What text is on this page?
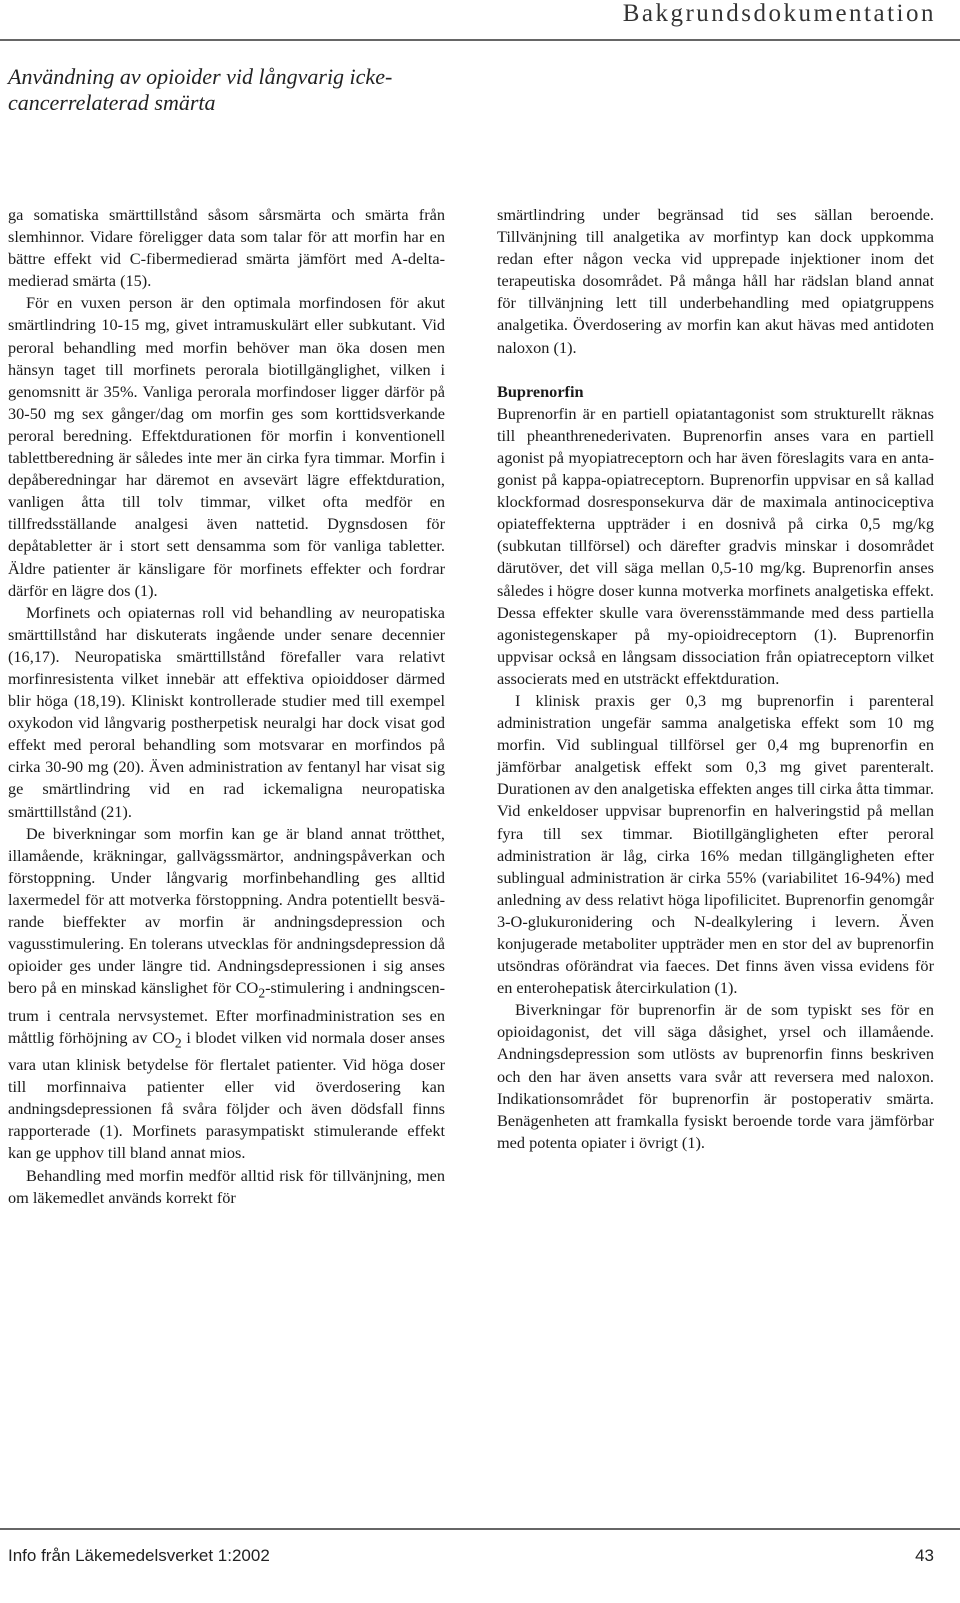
Bakgrundsdokumentation
Användning av opioider vid långvarig icke-cancerrelaterad smärta

ga somatiska smärttillstånd såsom sårsmärta och smärta från slemhinnor. Vidare föreligger data som talar för att morfin har en bättre effekt vid C-fibermedierad smärta jämfört med A-delta-medierad smärta (15).

För en vuxen person är den optimala morfindosen för akut smärtlindring 10-15 mg, givet intramuskulärt eller subkutant. Vid peroral behandling med morfin behöver man öka dosen men hänsyn taget till morfinets perorala biotillgänglighet, vilken i genomsnitt är 35%. Vanliga perorala morfindoser ligger därför på 30-50 mg sex gånger/dag om morfin ges som korttidsverkande peroral beredning. Effektdurationen för morfin i konventionell tablettberedning är således inte mer än cirka fyra timmar. Morfin i depåberedningar har däremot en avsevärt lägre effektduration, vanligen åtta till tolv timmar, vilket ofta medför en tillfredsställande analgesi även nattetid. Dygnsdosen för depåtabletter är i stort sett densamma som för vanliga tabletter. Äldre patienter är känsligare för morfinets effekter och fordrar därför en lägre dos (1).

Morfinets och opiaternas roll vid behandling av neuropatiska smärttillstånd har diskuterats ingående under senare decennier (16,17). Neuropatiska smärttillstånd förefaller vara relativt morfinresistenta vilket innebär att effektiva opioiddoser därmed blir höga (18,19). Kliniskt kontrollerade studier med till exempel oxykodon vid långvarig postherpetisk neuralgi har dock visat god effekt med peroral behandling som motsvarar en morfindos på cirka 30-90 mg (20). Även administration av fentanyl har visat sig ge smärtlindring vid en rad ickemaligna neuropatiska smärttillstånd (21).

De biverkningar som morfin kan ge är bland annat trötthet, illamående, kräkningar, gallvägssmärtor, andningspåverkan och förstoppning. Under långvarig morfinbehandling ges alltid laxermedel för att motverka förstoppning. Andra potentiellt besvärande bieffekter av morfin är andningsdepression och vagusstimulering. En tolerans utvecklas för andningsdepression då opioider ges under längre tid. Andningsdepressionen i sig anses bero på en minskad känslighet för $CO_2$-stimulering i andningscentrum i centrala nervsystemet. Efter morfinadministration ses en måttlig förhöjning av $CO_2$ i blodet vilken vid normala doser anses vara utan klinisk betydelse för flertalet patienter. Vid höga doser till morfinnaiva patienter eller vid överdosering kan andningsdepressionen få svåra följder och även dödsfall finns rapporterade (1). Morfinets parasympatiskt stimulerande effekt kan ge upphov till bland annat mios.

Behandling med morfin medför alltid risk för tillvänjning, men om läkemedlet används korrekt för

smärtlindring under begränsad tid ses sällan beroende. Tillvänjning till analgetika av morfintyp kan dock uppkomma redan efter någon vecka vid upprepade injektioner inom det terapeutiska dosområdet. På många håll har rädslan bland annat för tillvänjning lett till underbehandling med opiatgruppens analgetika. Överdosering av morfin kan akut hävas med antidoten naloxon (1).

Buprenorfin

Buprenorfin är en partiell opiatantagonist som strukturellt räknas till pheanthrenederivaten. Buprenorfin anses vara en partiell agonist på myopiatreceptorn och har även föreslagits vara en antagonist på kappa-opiatreceptorn. Buprenorfin uppvisar en så kallad klockformad dosresponsekurva där de maximala antinociceptiva opiateffekterna uppträder i en dosnivå på cirka 0,5 mg/kg (subkutan tillförsel) och därefter gradvis minskar i dosområdet därutöver, det vill säga mellan 0,5-10 mg/kg. Buprenorfin anses således i högre doser kunna motverka morfinets analgetiska effekt. Dessa effekter skulle vara överensstämmande med dess partiella agonistegenskaper på my-opioidreceptorn (1). Buprenorfin uppvisar också en långsam dissociation från opiatreceptorn vilket associerats med en utsträckt effektduration.

I klinisk praxis ger 0,3 mg buprenorfin i parenteral administration ungefär samma analgetiska effekt som 10 mg morfin. Vid sublingual tillförsel ger 0,4 mg buprenorfin en jämförbar analgetisk effekt som 0,3 mg givet parenteralt. Durationen av den analgetiska effekten anges till cirka åtta timmar. Vid enkeldoser uppvisar buprenorfin en halveringstid på mellan fyra till sex timmar. Biotillgängligheten efter peroral administration är låg, cirka 16% medan tillgängligheten efter sublingual administration är cirka 55% (variabilitet 16-94%) med anledning av dess relativt höga lipofilicitet. Buprenorfin genomgår 3-O-glukuronidering och N-dealkylering i levern. Även konjugerade metaboliter uppträder men en stor del av buprenorfin utsöndras oförändrat via faeces. Det finns även vissa evidens för en enterohepatisk återcirkulation (1).

Biverkningar för buprenorfin är de som typiskt ses för en opioidagonist, det vill säga dåsighet, yrsel och illamående. Andningsdepression som utlösts av buprenorfin finns beskriven och den har även ansetts vara svår att reversera med naloxon. Indikationsområdet för buprenorfin är postoperativ smärta. Benägenheten att framkalla fysiskt beroende torde vara jämförbar med potenta opiater i övrigt (1).

Info från Läkemedelsverket 1:2002	43
